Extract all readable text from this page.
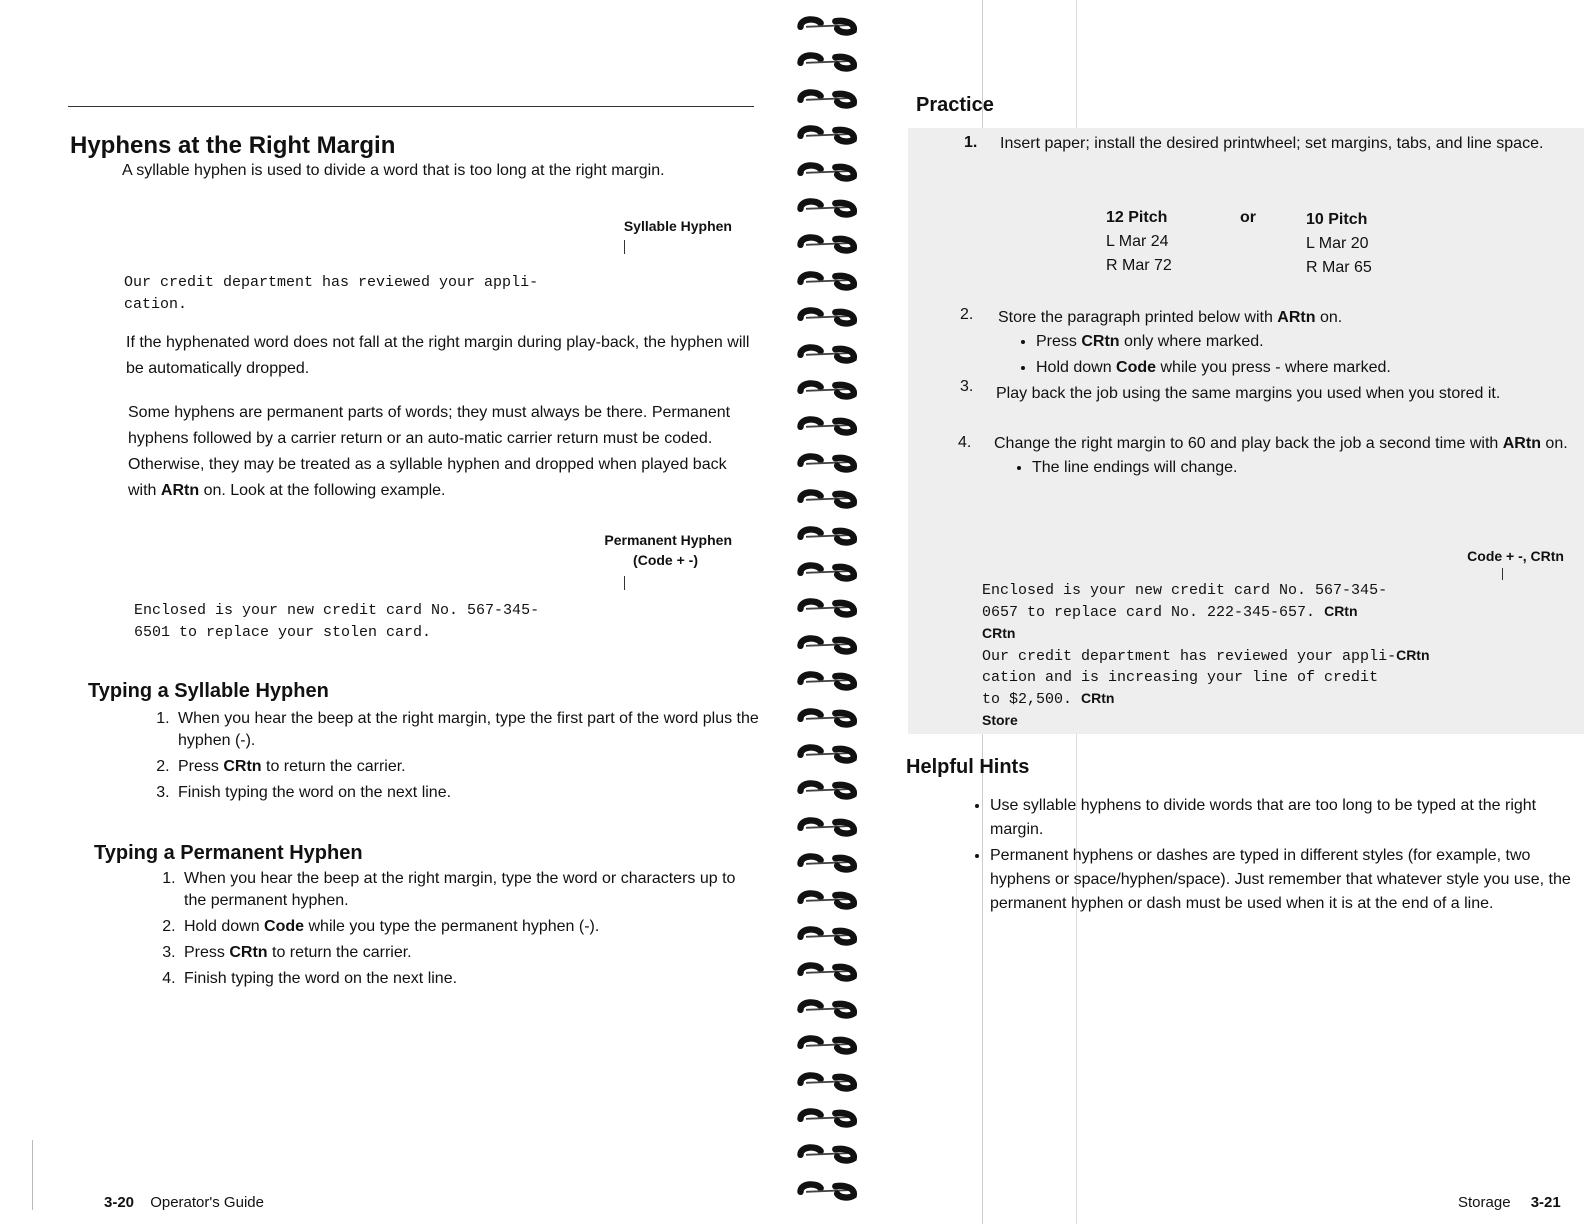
Hyphens at the Right Margin
A syllable hyphen is used to divide a word that is too long at the right margin.
Syllable Hyphen
Our credit department has reviewed your appli-
cation.
If the hyphenated word does not fall at the right margin during play-back, the hyphen will be automatically dropped.
Some hyphens are permanent parts of words; they must always be there. Permanent hyphens followed by a carrier return or an auto-matic carrier return must be coded. Otherwise, they may be treated as a syllable hyphen and dropped when played back with ARtn on. Look at the following example.
Permanent Hyphen
(Code + -)
Enclosed is your new credit card No. 567-345-
6501 to replace your stolen card.
Typing a Syllable Hyphen
1. When you hear the beep at the right margin, type the first part of the word plus the hyphen (-).
2. Press CRtn to return the carrier.
3. Finish typing the word on the next line.
Typing a Permanent Hyphen
1. When you hear the beep at the right margin, type the word or characters up to the permanent hyphen.
2. Hold down Code while you type the permanent hyphen (-).
3. Press CRtn to return the carrier.
4. Finish typing the word on the next line.
3-20 Operator's Guide
Practice
1. Insert paper; install the desired printwheel; set margins, tabs, and line space.
12 Pitch
L Mar 24
R Mar 72
or	10 Pitch
L Mar 20
R Mar 65
2. Store the paragraph printed below with ARtn on.
• Press CRtn only where marked.
• Hold down Code while you press - where marked.
3. Play back the job using the same margins you used when you stored it.
4. Change the right margin to 60 and play back the job a second time with ARtn on.
• The line endings will change.
Code + -, CRtn
Enclosed is your new credit card No. 567-345-
0657 to replace card No. 222-345-657. CRtn
CRtn
Our credit department has reviewed your appli-CRtn
cation and is increasing your line of credit
to $2,500. CRtn
Store
Helpful Hints
• Use syllable hyphens to divide words that are too long to be typed at the right margin.
• Permanent hyphens or dashes are typed in different styles (for example, two hyphens or space/hyphen/space). Just remember that whatever style you use, the permanent hyphen or dash must be used when it is at the end of a line.
Storage 3-21
